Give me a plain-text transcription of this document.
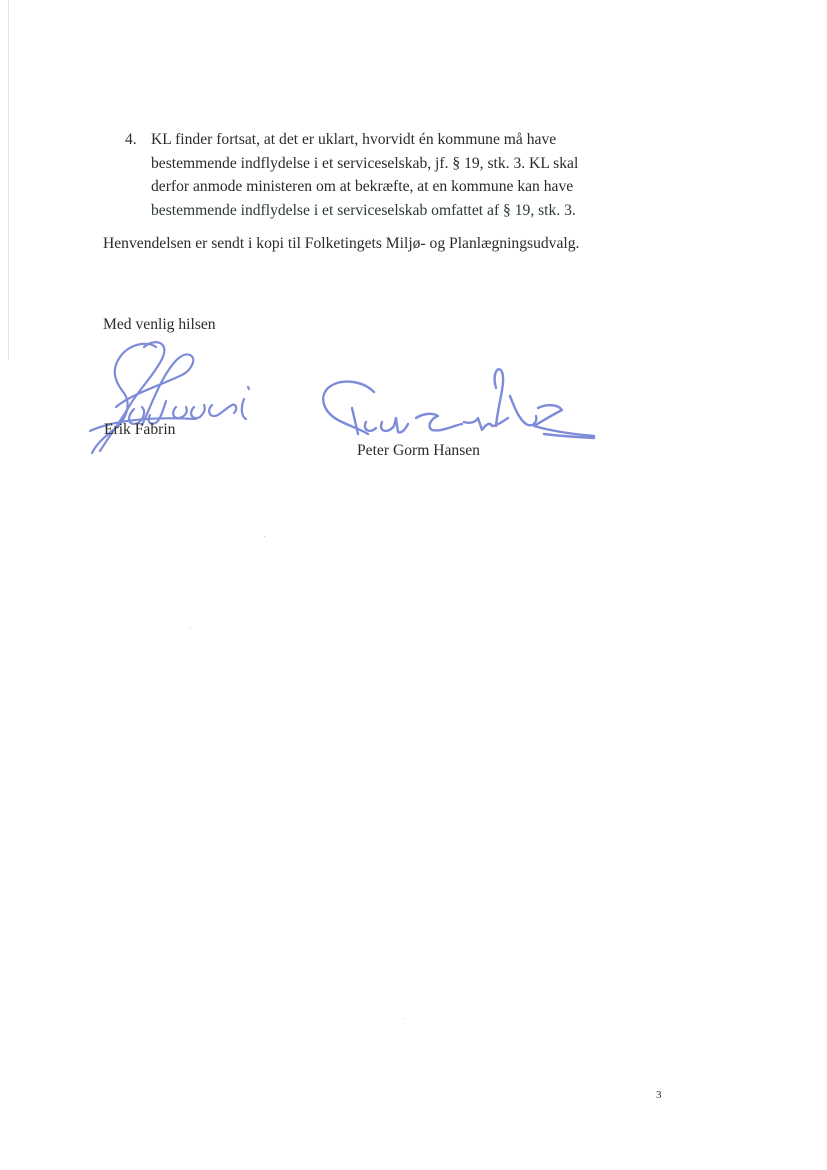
4. KL finder fortsat, at det er uklart, hvorvidt én kommune må have
bestemmende indflydelse i et serviceselskab, jf. § 19, stk. 3. KL skal
derfor anmode ministeren om at bekræfte, at en kommune kan have
bestemmende indflydelse i et serviceselskab omfattet af § 19, stk. 3.
Henvendelsen er sendt i kopi til Folketingets Miljø- og Planlægningsudvalg.
Med venlig hilsen
Erik Fabrin
Peter Gorm Hansen
3
